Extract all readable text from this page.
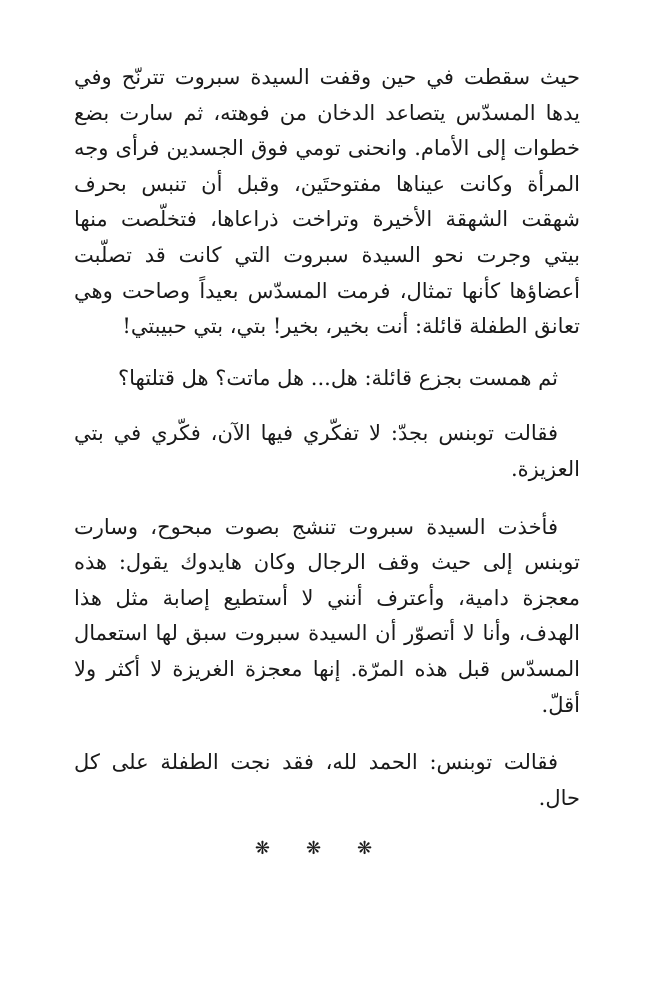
حيث سقطت في حين وقفت السيدة سبروت تترنّح وفي يدها المسدّس يتصاعد الدخان من فوهته، ثم سارت بضع خطوات إلى الأمام. وانحنى تومي فوق الجسدين فرأى وجه المرأة وكانت عيناها مفتوحتَين، وقبل أن تنبس بحرف شهقت الشهقة الأخيرة وتراخت ذراعاها، فتخلّصت منها بيتي وجرت نحو السيدة سبروت التي كانت قد تصلّبت أعضاؤها كأنها تمثال، فرمت المسدّس بعيداً وصاحت وهي تعانق الطفلة قائلة: أنت بخير، بخير! بتي، بتي حبيبتي!

ثم همست بجزع قائلة: هل... هل ماتت؟ هل قتلتها؟

فقالت توبنس بجدّ: لا تفكّري فيها الآن، فكّري في بتي العزيزة.

فأخذت السيدة سبروت تنشج بصوت مبحوح، وسارت توبنس إلى حيث وقف الرجال وكان هايدوك يقول: هذه معجزة دامية، وأعترف أنني لا أستطيع إصابة مثل هذا الهدف، وأنا لا أتصوّر أن السيدة سبروت سبق لها استعمال المسدّس قبل هذه المرّة. إنها معجزة الغريزة لا أكثر ولا أقلّ.

فقالت توبنس: الحمد لله، فقد نجت الطفلة على كل حال.

❋ ❋ ❋
